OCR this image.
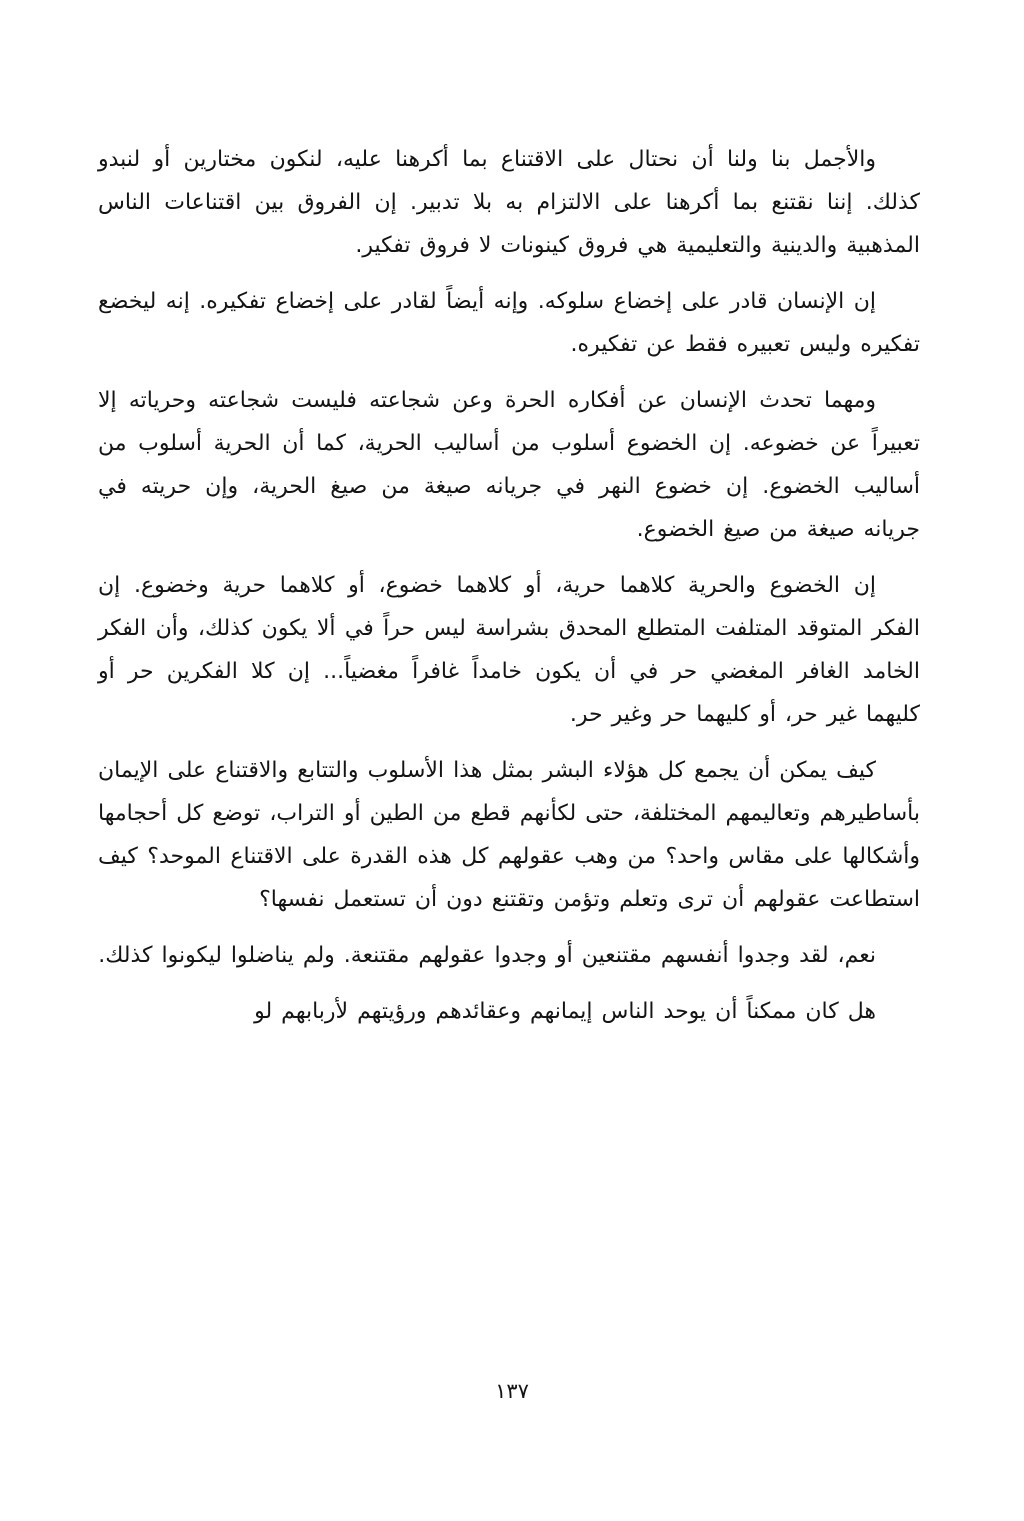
والأجمل بنا ولنا أن نحتال على الاقتناع بما أكرهنا عليه، لنكون مختارين أو لنبدو كذلك. إننا نقتنع بما أكرهنا على الالتزام به بلا تدبير. إن الفروق بين اقتناعات الناس المذهبية والدينية والتعليمية هي فروق كينونات لا فروق تفكير.

إن الإنسان قادر على إخضاع سلوكه. وإنه أيضاً لقادر على إخضاع تفكيره. إنه ليخضع تفكيره وليس تعبيره فقط عن تفكيره.

ومهما تحدث الإنسان عن أفكاره الحرة وعن شجاعته فليست شجاعته وحرياته إلا تعبيراً عن خضوعه. إن الخضوع أسلوب من أساليب الحرية، كما أن الحرية أسلوب من أساليب الخضوع. إن خضوع النهر في جريانه صيغة من صيغ الحرية، وإن حريته في جريانه صيغة من صيغ الخضوع.

إن الخضوع والحرية كلاهما حرية، أو كلاهما خضوع، أو كلاهما حرية وخضوع. إن الفكر المتوقد المتلفت المتطلع المحدق بشراسة ليس حراً في ألا يكون كذلك، وأن الفكر الخامد الغافر المغضي حر في أن يكون خامداً غافراً مغضياً... إن كلا الفكرين حر أو كليهما غير حر، أو كليهما حر وغير حر.

كيف يمكن أن يجمع كل هؤلاء البشر بمثل هذا الأسلوب والتتابع والاقتناع على الإيمان بأساطيرهم وتعاليمهم المختلفة، حتى لكأنهم قطع من الطين أو التراب، توضع كل أحجامها وأشكالها على مقاس واحد؟ من وهب عقولهم كل هذه القدرة على الاقتناع الموحد؟ كيف استطاعت عقولهم أن ترى وتعلم وتؤمن وتقتنع دون أن تستعمل نفسها؟

نعم، لقد وجدوا أنفسهم مقتنعين أو وجدوا عقولهم مقتنعة. ولم يناضلوا ليكونوا كذلك.

هل كان ممكناً أن يوحد الناس إيمانهم وعقائدهم ورؤيتهم لأربابهم لو

١٣٧
